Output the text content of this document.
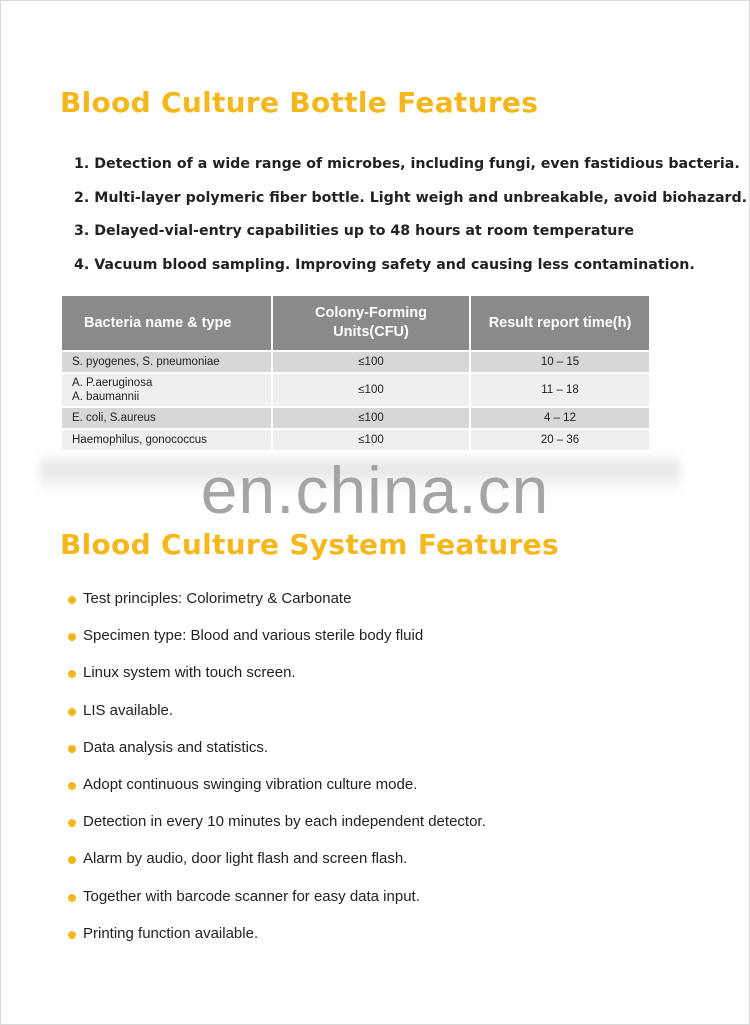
Blood Culture Bottle Features
1. Detection of a wide range of microbes, including fungi, even fastidious bacteria.
2. Multi-layer polymeric fiber bottle. Light weigh and unbreakable, avoid biohazard.
3. Delayed-vial-entry capabilities up to 48 hours at room temperature
4. Vacuum blood sampling. Improving safety and causing less contamination.
Bacteria name & type	Colony-Forming Units(CFU)	Result report time(h)
S. pyogenes, S. pneumoniae	≤100	10 – 15

A. P.aeruginosa
A. baumannii	≤100	11 – 18
E. coli, S.aureus	≤100	4 – 12
Haemophilus, gonococcus	≤100	20 – 36
en.china.cn
Blood Culture System Features
Test principles: Colorimetry & Carbonate
Specimen type: Blood and various sterile body fluid
Linux system with touch screen.
LIS available.
Data analysis and statistics.
Adopt continuous swinging vibration culture mode.
Detection in every 10 minutes by each independent detector.
Alarm by audio, door light flash and screen flash.
Together with barcode scanner for easy data input.
Printing function available.
